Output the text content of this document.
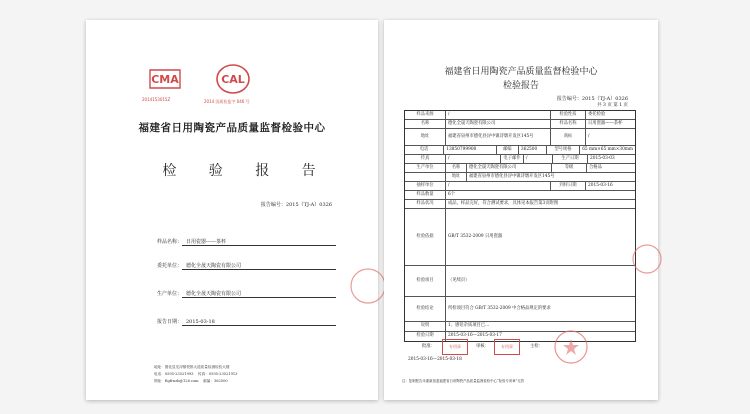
CMA
2014153015Z
CAL
2014 国质检监字 046 号
福建省日用陶瓷产品质量监督检验中心
检 验 报 告
报告编号：2015（TJ-A）0326
样品名称： 日用瓷器——茶杯
委托单位： 德化全晟天陶瓷有限公司
生产单位： 德化全晟天陶瓷有限公司
报告日期： 2015-03-18
地址：德化县龙浔镇瓷都大道质量检测检验大楼
电话：0595-23521993 传真：0595-23521913
网址：ftgfrnzb@126.com 邮编：362500
福建省日用陶瓷产品质量监督检验中心
检验报告
报告编号：2015（TJ-A）0326
共 3 页 第 1 页
样品来源	/	检验性质	委托检验
名称	德化全晟天陶瓷有限公司	样品名称	日用瓷器——茶杯
地址	福建省泉州市德化县浔中镇诗墩开发区145号	商标	/
电话	13850799908	邮编	362500	型号规格	65 mm×65 mm×30mm
传真	/	电子邮件	/	生产日期	2015-03-03
生产单位	名称	德化全晟天陶瓷有限公司	等级	合格品
地址	福建省泉州市德化县浔中镇诗墩开发区145号
抽样单位	/	到样日期	2015-03-16
样品数量	6个
样品状况	成品，样品完好，符合测试要求，具体见本报告第3页附图
检验依据	GB/T 3532-2009 日用瓷器
检验项目	（见续页）
检验结论	所检项目符合 GB/T 3532-2009 中合格品规定的要求
说明	1、感铅杂质项目已...
检验日期	2015-03-16—2015-03-17
专用章	专用章
批准：	审核：	主检：
2015-03-16—2015-03-18
注：复制报告未重新加盖福建省日用陶瓷产品质量监督检验中心“检验专用章”无效
